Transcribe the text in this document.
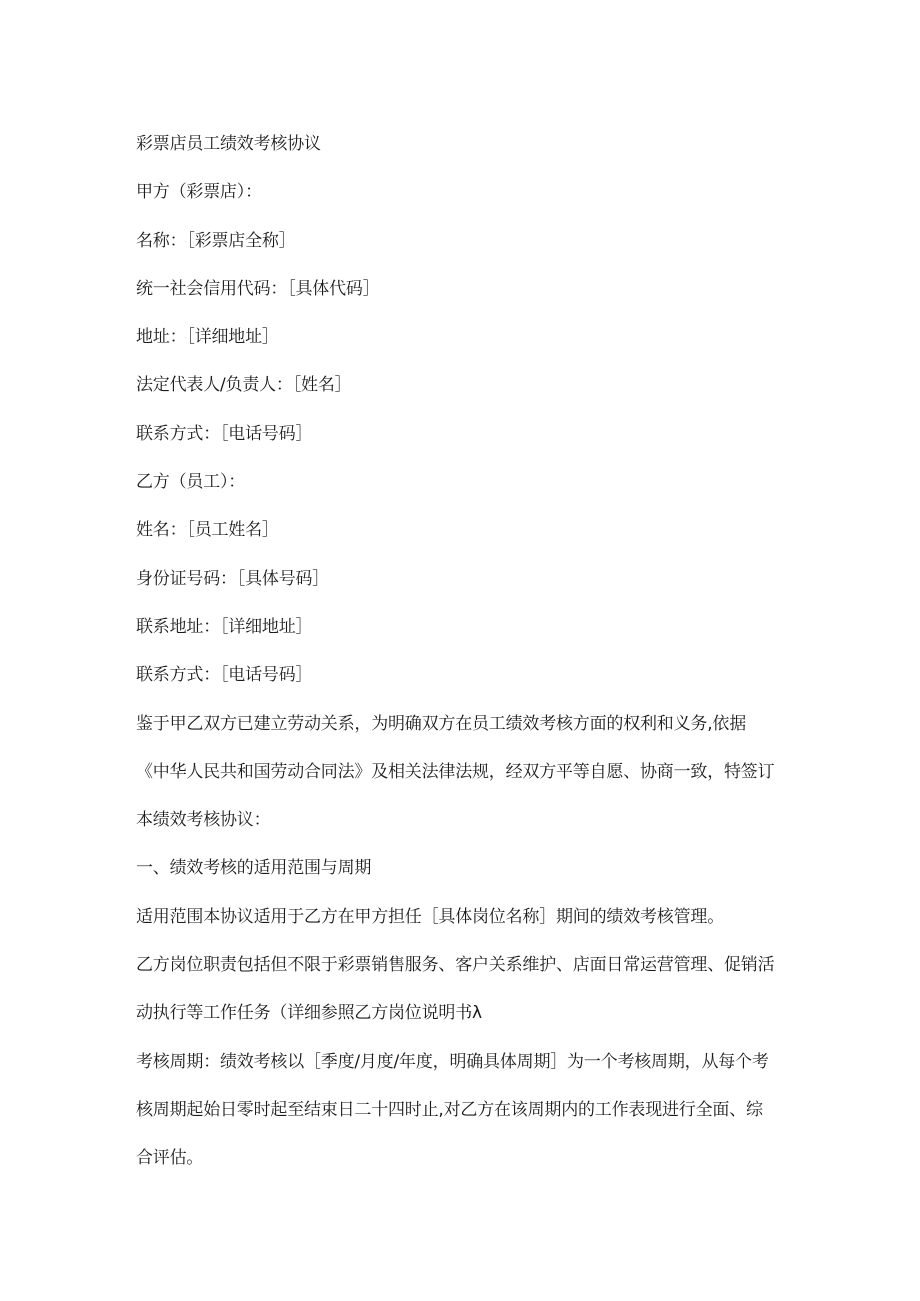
彩票店员工绩效考核协议
甲方（彩票店）：
名称：［彩票店全称］
统一社会信用代码：［具体代码］
地址：［详细地址］
法定代表人/负责人：［姓名］
联系方式：［电话号码］
乙方（员工）：
姓名：［员工姓名］
身份证号码：［具体号码］
联系地址：［详细地址］
联系方式：［电话号码］
鉴于甲乙双方已建立劳动关系，为明确双方在员工绩效考核方面的权利和义务,依据
《中华人民共和国劳动合同法》及相关法律法规，经双方平等自愿、协商一致，特签订
本绩效考核协议：
一、绩效考核的适用范围与周期
适用范围本协议适用于乙方在甲方担任［具体岗位名称］期间的绩效考核管理。
乙方岗位职责包括但不限于彩票销售服务、客户关系维护、店面日常运营管理、促销活
动执行等工作任务（详细参照乙方岗位说明书λ
考核周期：绩效考核以［季度/月度/年度，明确具体周期］为一个考核周期，从每个考
核周期起始日零时起至结束日二十四时止,对乙方在该周期内的工作表现进行全面、综
合评估。
